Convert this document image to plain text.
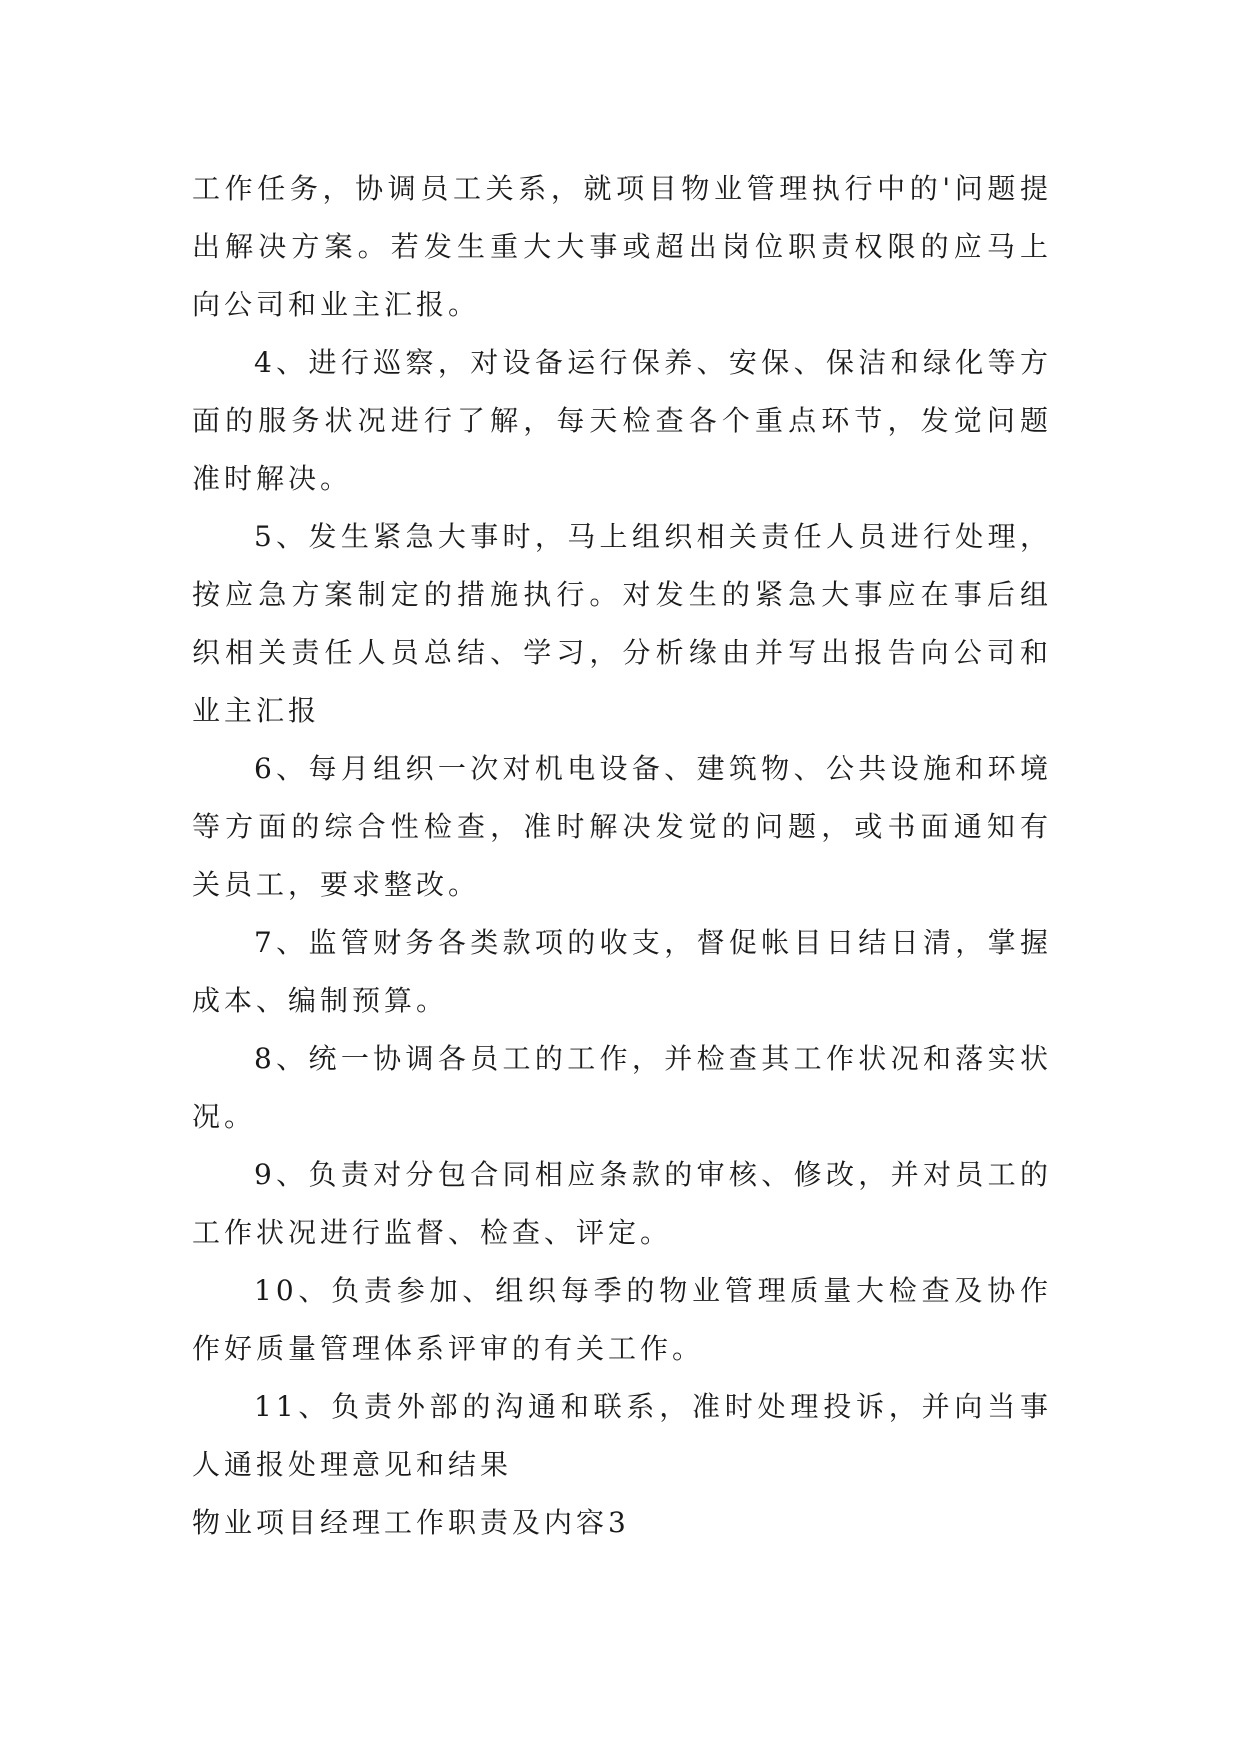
工作任务，协调员工关系，就项目物业管理执行中的'问题提出解决方案。若发生重大大事或超出岗位职责权限的应马上向公司和业主汇报。

4、进行巡察，对设备运行保养、安保、保洁和绿化等方面的服务状况进行了解，每天检查各个重点环节，发觉问题准时解决。

5、发生紧急大事时，马上组织相关责任人员进行处理，按应急方案制定的措施执行。对发生的紧急大事应在事后组织相关责任人员总结、学习，分析缘由并写出报告向公司和业主汇报

6、每月组织一次对机电设备、建筑物、公共设施和环境等方面的综合性检查，准时解决发觉的问题，或书面通知有关员工，要求整改。

7、监管财务各类款项的收支，督促帐目日结日清，掌握成本、编制预算。

8、统一协调各员工的工作，并检查其工作状况和落实状况。

9、负责对分包合同相应条款的审核、修改，并对员工的工作状况进行监督、检查、评定。

10、负责参加、组织每季的物业管理质量大检查及协作作好质量管理体系评审的有关工作。

11、负责外部的沟通和联系，准时处理投诉，并向当事人通报处理意见和结果

物业项目经理工作职责及内容3
